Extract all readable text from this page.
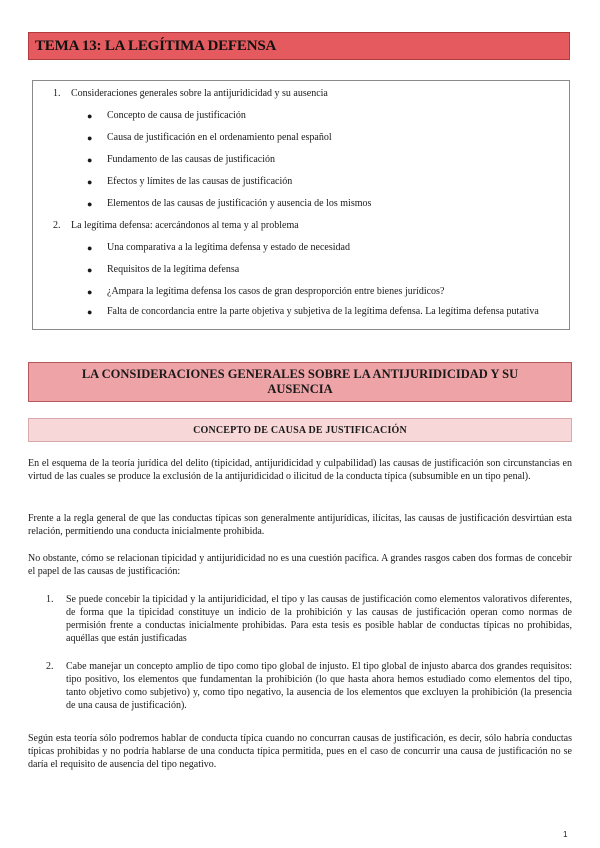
TEMA 13: LA LEGÍTIMA DEFENSA
1. Consideraciones generales sobre la antijuridicidad y su ausencia
●	Concepto de causa de justificación
●	Causa de justificación en el ordenamiento penal español
●	Fundamento de las causas de justificación
●	Efectos y límites de las causas de justificación
●	Elementos de las causas de justificación y ausencia de los mismos
2. La legítima defensa: acercándonos al tema y al problema
●	Una comparativa a la legítima defensa y estado de necesidad
●	Requisitos de la legítima defensa
●	¿Ampara la legítima defensa los casos de gran desproporción entre bienes jurídicos?
●	Falta de concordancia entre la parte objetiva y subjetiva de la legítima defensa. La legítima defensa putativa
LA CONSIDERACIONES GENERALES SOBRE LA ANTIJURIDICIDAD Y SU AUSENCIA
CONCEPTO DE CAUSA DE JUSTIFICACIÓN

En el esquema de la teoría jurídica del delito (tipicidad, antijuridicidad y culpabilidad) las causas de justificación son circunstancias en virtud de las cuales se produce la exclusión de la antijuridicidad o ilicitud de la conducta típica (subsumible en un tipo penal).

Frente a la regla general de que las conductas típicas son generalmente antijurídicas, ilícitas, las causas de justificación desvirtúan esta relación, permitiendo una conducta inicialmente prohibida.

No obstante, cómo se relacionan tipicidad y antijuridicidad no es una cuestión pacífica. A grandes rasgos caben dos formas de concebir el papel de las causas de justificación:

1.	Se puede concebir la tipicidad y la antijuridicidad, el tipo y las causas de justificación como elementos valorativos diferentes, de forma que la tipicidad constituye un indicio de la prohibición y las causas de justificación operan como normas de permisión frente a conductas inicialmente prohibidas. Para esta tesis es posible hablar de conductas típicas no prohibidas, aquéllas que están justificadas
2.	Cabe manejar un concepto amplio de tipo como tipo global de injusto. El tipo global de injusto abarca dos grandes requisitos: tipo positivo, los elementos que fundamentan la prohibición (lo que hasta ahora hemos estudiado como elementos del tipo, tanto objetivo como subjetivo) y, como tipo negativo, la ausencia de los elementos que excluyen la prohibición (la presencia de una causa de justificación).

Según esta teoría sólo podremos hablar de conducta típica cuando no concurran causas de justificación, es decir, sólo habría conductas típicas prohibidas y no podría hablarse de una conducta típica permitida, pues en el caso de concurrir una causa de justificación no se daría el requisito de ausencia del tipo negativo.

1
